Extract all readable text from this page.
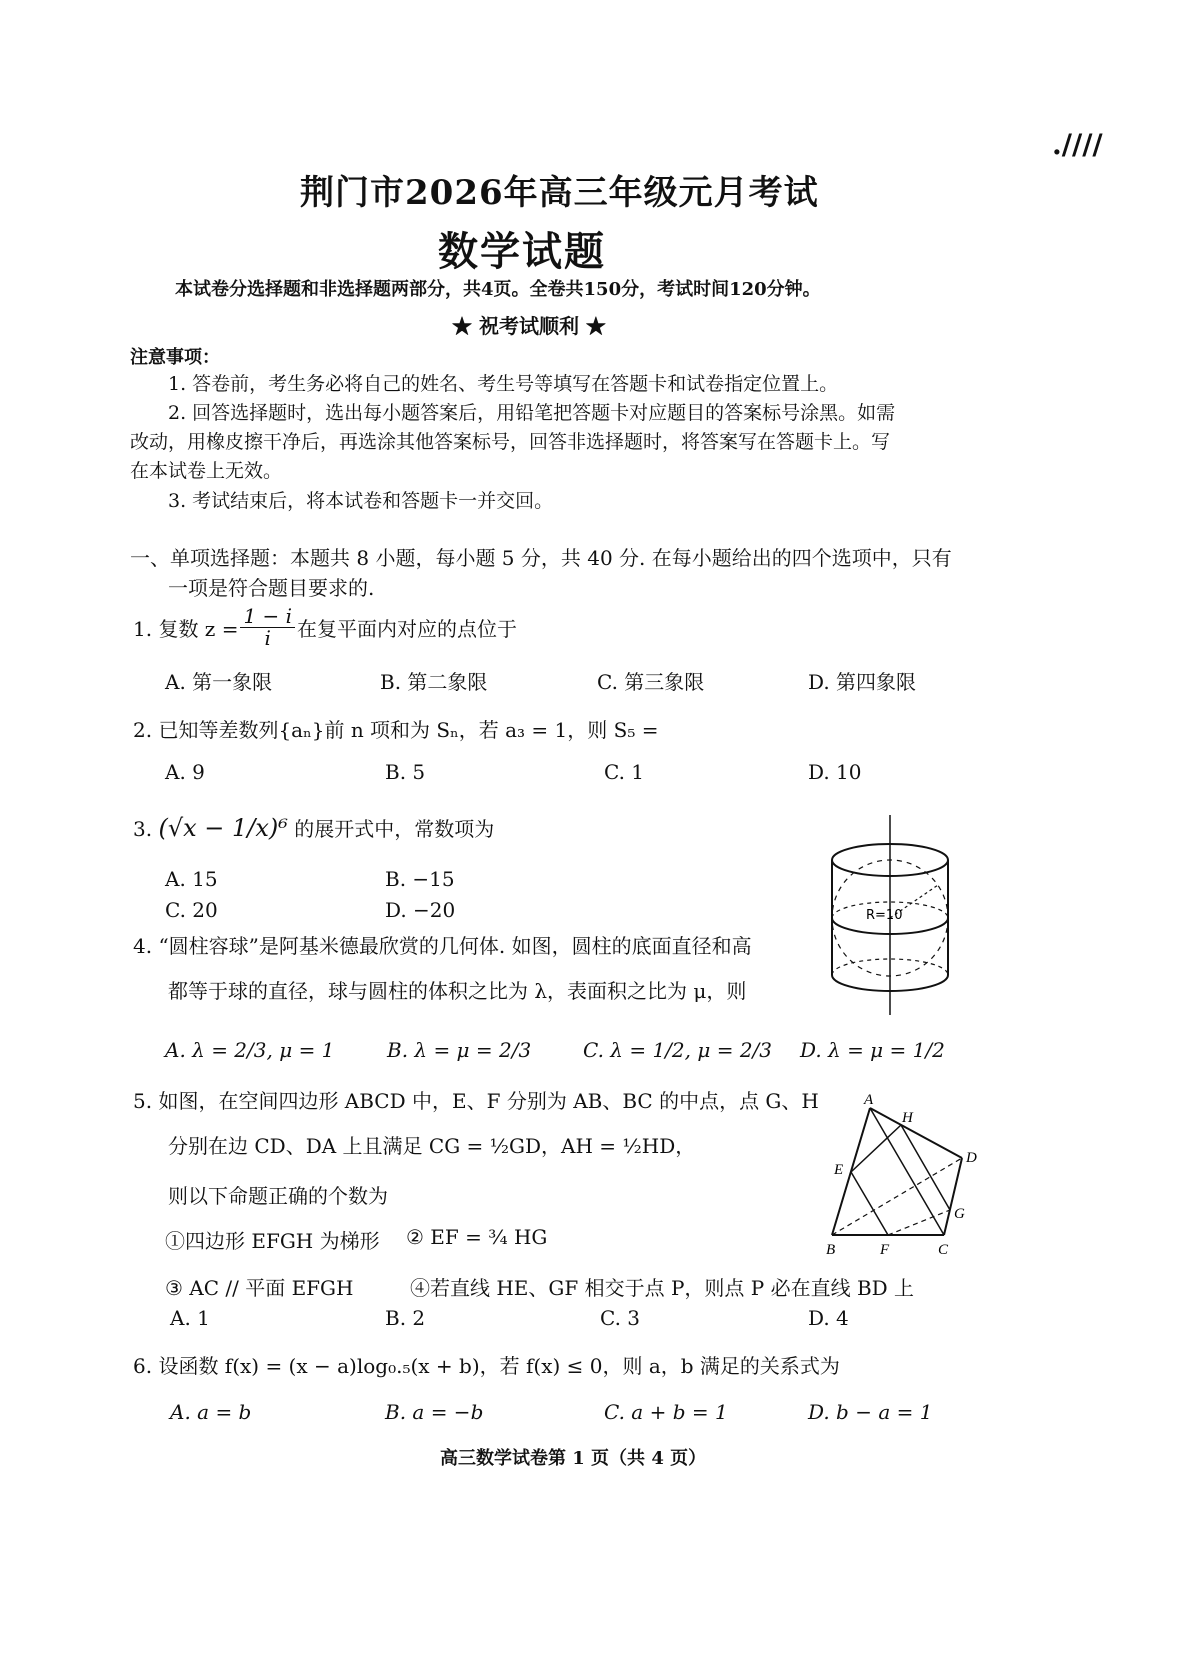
.////
荆门市2026年高三年级元月考试
数学试题
本试卷分选择题和非选择题两部分，共4页。全卷共150分，考试时间120分钟。
★ 祝考试顺利 ★
注意事项：
1. 答卷前，考生务必将自己的姓名、考生号等填写在答题卡和试卷指定位置上。
2. 回答选择题时，选出每小题答案后，用铅笔把答题卡对应题目的答案标号涂黑。如需
改动，用橡皮擦干净后，再选涂其他答案标号，回答非选择题时，将答案写在答题卡上。写
在本试卷上无效。
3. 考试结束后，将本试卷和答题卡一并交回。
一、单项选择题：本题共 8 小题，每小题 5 分，共 40 分. 在每小题给出的四个选项中，只有
一项是符合题目要求的.
1. 复数 $z = \frac{1 - i}{i}$ 在复平面内对应的点位于
A. 第一象限	B. 第二象限	C. 第三象限	D. 第四象限
2. 已知等差数列{aₙ}前 n 项和为 Sₙ，若 a₃ = 1，则 S₅ =
A. 9	B. 5	C. 1	D. 10
3. (√x − 1/x)⁶ 的展开式中，常数项为
A. 15	B. −15
C. 20	D. −20	R=10
4. “圆柱容球”是阿基米德最欣赏的几何体. 如图，圆柱的底面直径和高
都等于球的直径，球与圆柱的体积之比为 λ，表面积之比为 μ，则
A. λ = 2/3, μ = 1	B. λ = μ = 2/3	C. λ = 1/2, μ = 2/3 D. λ = μ = 1/2
A
H
D
E
G
B	F	C
5. 如图，在空间四边形 ABCD 中，E、F 分别为 AB、BC 的中点，点 G、H
分别在边 CD、DA 上且满足 CG = ½GD，AH = ½HD，
则以下命题正确的个数为
①四边形 EFGH 为梯形 ② EF = ¾ HG
③ AC // 平面 EFGH	④若直线 HE、GF 相交于点 P，则点 P 必在直线 BD 上
A. 1	B. 2	C. 3	D. 4
6. 设函数 f(x) = (x − a)log₀.₅(x + b)，若 f(x) ≤ 0，则 a，b 满足的关系式为
A. a = b	B. a = −b	C. a + b = 1	D. b − a = 1
高三数学试卷第 1 页（共 4 页）
